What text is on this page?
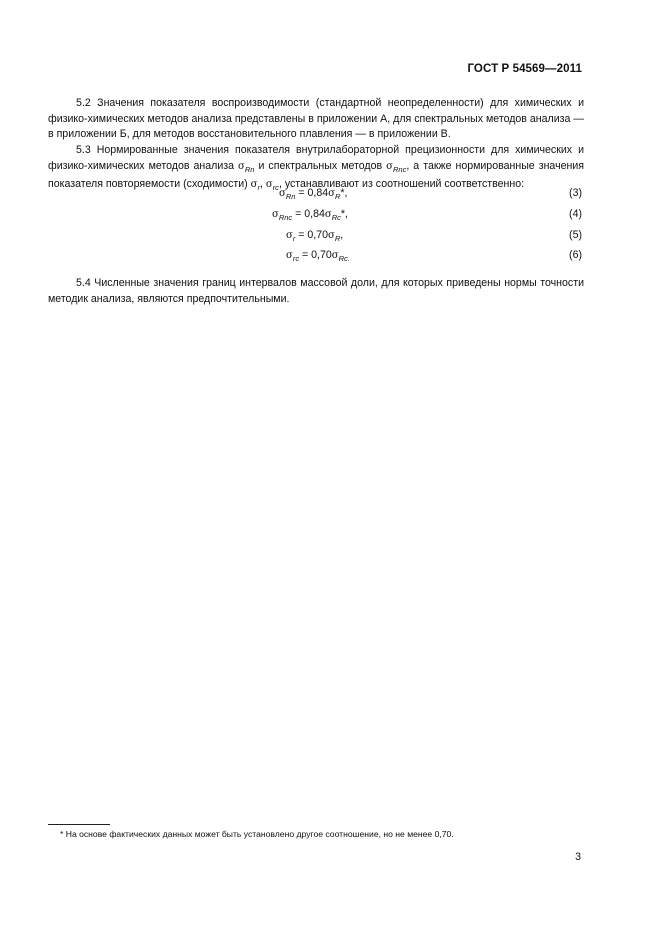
ГОСТ Р 54569—2011

5.2 Значения показателя воспроизводимости (стандартной неопределенности) для химических и физико-химических методов анализа представлены в приложении А, для спектральных методов анализа — в приложении Б, для методов восстановительного плавления — в приложении В.

5.3 Нормированные значения показателя внутрилабораторной прецизионности для химических и физико-химических методов анализа $\sigma_{Rn}$ и спектральных методов $\sigma_{Rnc}$, а также нормированные значения показателя повторяемости (сходимости) $\sigma_r$, $\sigma_{rc}$, устанавливают из соотношений соответственно:

$\sigma_{Rn} = 0,84\sigma_R*$,	(3)
$\sigma_{Rnc} = 0,84\sigma_{Rc}*$,	(4)
$\sigma_r = 0,70\sigma_R$,	(5)
$\sigma_{rc} = 0,70\sigma_{Rc.}$	(6)

5.4 Численные значения границ интервалов массовой доли, для которых приведены нормы точности методик анализа, являются предпочтительными.

* На основе фактических данных может быть установлено другое соотношение, но не менее 0,70.
3
